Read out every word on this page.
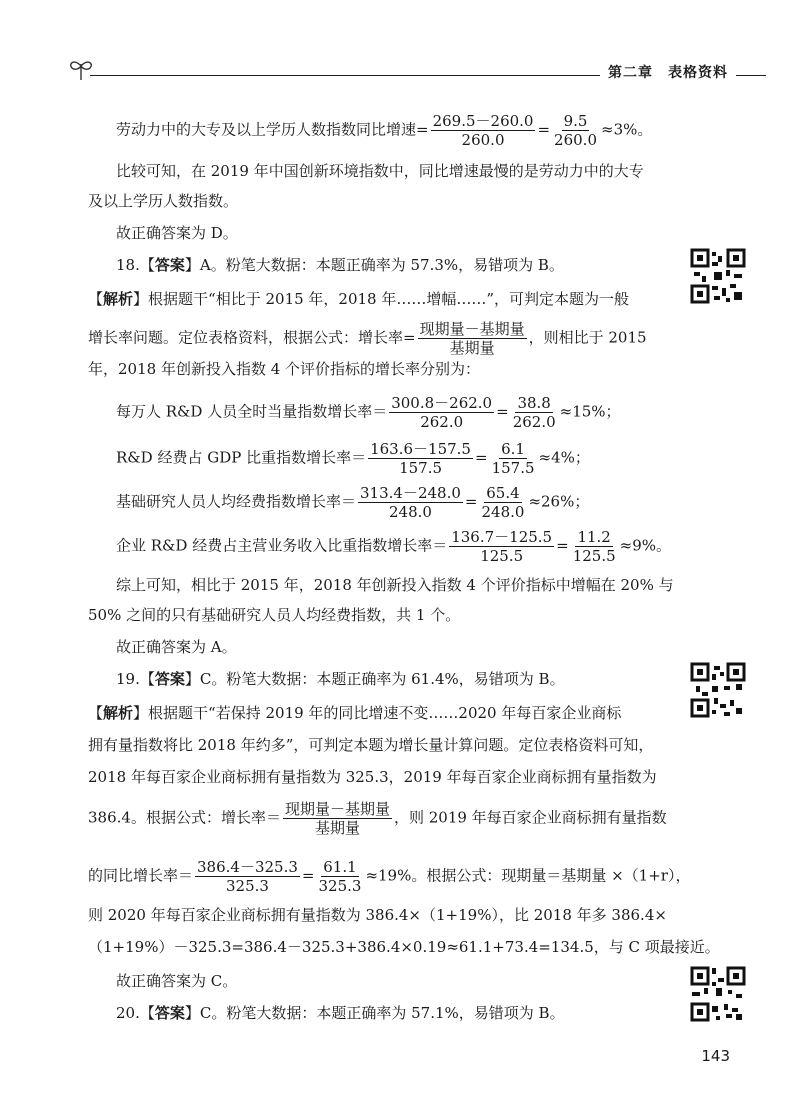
第二章　表格资料
劳动力中的大专及以上学历人数指数同比增速= $\frac{269.5-260.0}{260.0} = \frac{9.5}{260.0} \approx 3\%$。
比较可知，在 2019 年中国创新环境指数中，同比增速最慢的是劳动力中的大专
及以上学历人数指数。
故正确答案为 D。
18.【答案】A。粉笔大数据：本题正确率为 57.3%，易错项为 B。
【解析】根据题干“相比于 2015 年，2018 年……增幅……”，可判定本题为一般
增长率问题。定位表格资料，根据公式：增长率= $\frac{\text{现期量－基期量}}{\text{基期量}}$ ，则相比于 2015
年，2018 年创新投入指数 4 个评价指标的增长率分别为：
每万人 R&D 人员全时当量指数增长率＝ $\frac{300.8-262.0}{262.0} = \frac{38.8}{262.0} \approx 15\%$；
R&D 经费占 GDP 比重指数增长率＝ $\frac{163.6-157.5}{157.5} = \frac{6.1}{157.5} \approx 4\%$；
基础研究人员人均经费指数增长率＝ $\frac{313.4-248.0}{248.0} = \frac{65.4}{248.0} \approx 26\%$；
企业 R&D 经费占主营业务收入比重指数增长率＝ $\frac{136.7-125.5}{125.5} = \frac{11.2}{125.5} \approx 9\%$。
综上可知，相比于 2015 年，2018 年创新投入指数 4 个评价指标中增幅在 20% 与
50% 之间的只有基础研究人员人均经费指数，共 1 个。
故正确答案为 A。
19.【答案】C。粉笔大数据：本题正确率为 61.4%，易错项为 B。
【解析】根据题干“若保持 2019 年的同比增速不变……2020 年每百家企业商标
拥有量指数将比 2018 年约多”，可判定本题为增长量计算问题。定位表格资料可知，
2018 年每百家企业商标拥有量指数为 325.3，2019 年每百家企业商标拥有量指数为
386.4。根据公式：增长率＝ $\frac{\text{现期量－基期量}}{\text{基期量}}$ ，则 2019 年每百家企业商标拥有量指数
的同比增长率＝ $\frac{386.4-325.3}{325.3} = \frac{61.1}{325.3} \approx 19\%$。根据公式：现期量＝基期量 ×（1+r），
则 2020 年每百家企业商标拥有量指数为 386.4×（1+19%），比 2018 年多 386.4×
（1+19%）－325.3=386.4－325.3+386.4×0.19≈61.1+73.4=134.5，与 C 项最接近。
故正确答案为 C。
20.【答案】C。粉笔大数据：本题正确率为 57.1%，易错项为 B。
143
